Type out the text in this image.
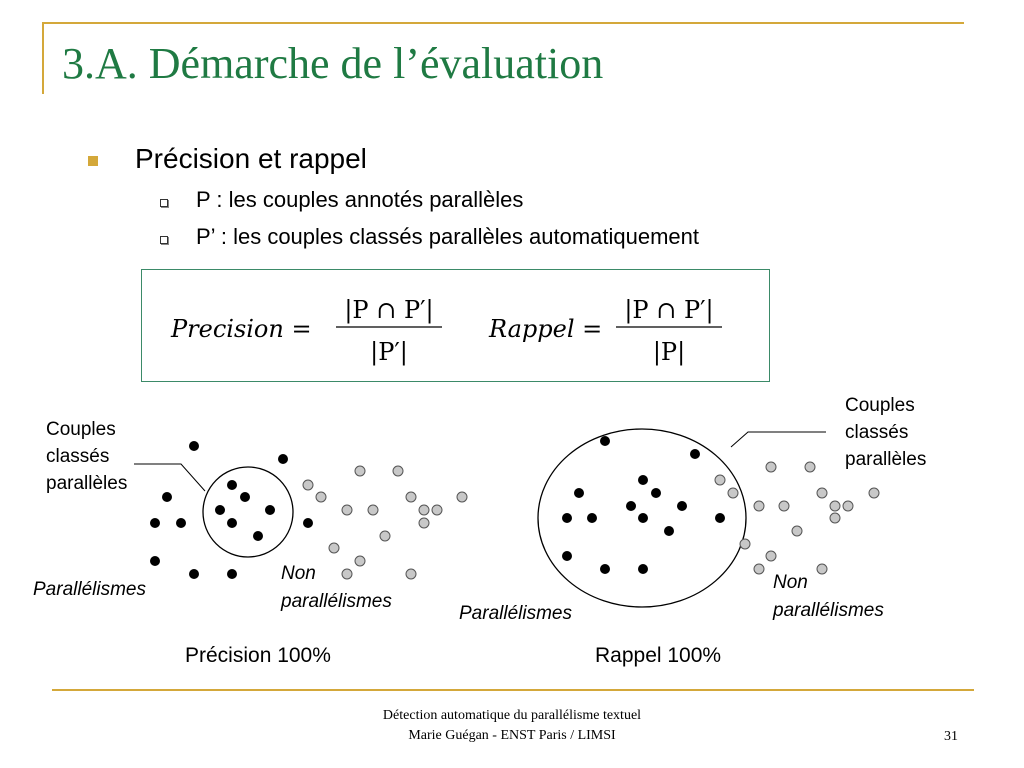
3.A. Démarche de l’évaluation
Précision et rappel
P : les couples annotés parallèles
P’ : les couples classés parallèles automatiquement
Precision =
|P ∩ P′|
|P′|
Rappel =
|P ∩ P′|
|P|
Couples
classés
parallèles
Parallélismes
Non
parallélismes
Précision 100%
Couples
classés
parallèles
Parallélismes
Non
parallélismes
Rappel 100%
Détection automatique du parallélisme textuel
Marie Guégan - ENST Paris / LIMSI	31
